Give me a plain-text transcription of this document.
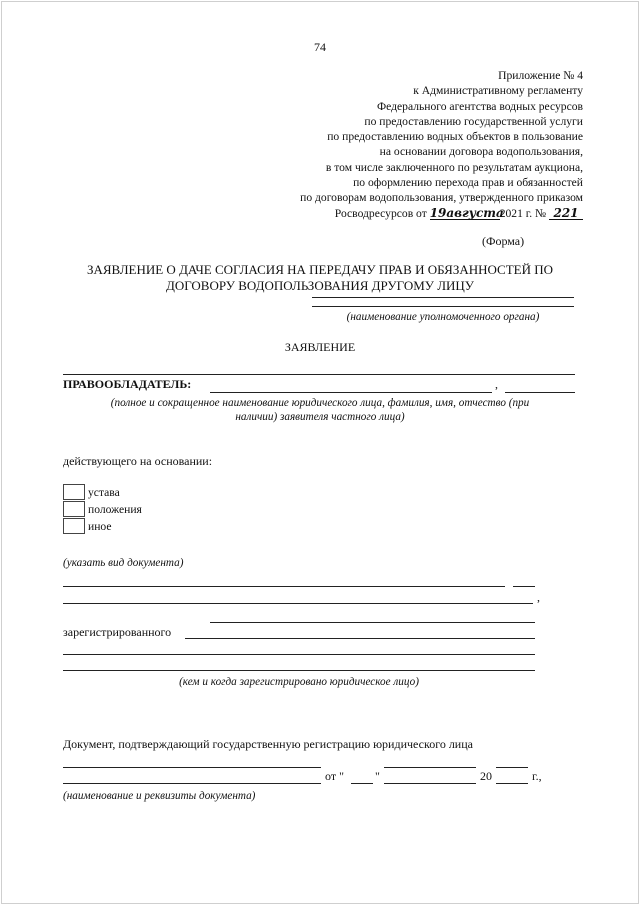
74
Приложение № 4
к Административному регламенту
Федерального агентства водных ресурсов
по предоставлению государственной услуги
по предоставлению водных объектов в пользование
на основании договора водопользования,
в том числе заключенного по результатам аукциона,
по оформлению перехода прав и обязанностей
по договорам водопользования, утвержденного приказом
Росводресурсов от 19августа2021 г. № 221
(Форма)
ЗАЯВЛЕНИЕ О ДАЧЕ СОГЛАСИЯ НА ПЕРЕДАЧУ ПРАВ И ОБЯЗАННОСТЕЙ ПО
ДОГОВОРУ ВОДОПОЛЬЗОВАНИЯ ДРУГОМУ ЛИЦУ
(наименование уполномоченного органа)
ЗАЯВЛЕНИЕ
ПРАВООБЛАДАТЕЛЬ:	,
(полное и сокращенное наименование юридического лица, фамилия, имя, отчество (при
наличии) заявителя частного лица)
действующего на основании:
устава
положения
иное
(указать вид документа)
,
зарегистрированного
(кем и когда зарегистрировано юридическое лицо)
Документ, подтверждающий государственную регистрацию юридического лица
от "	"	20	г.,
(наименование и реквизиты документа)
